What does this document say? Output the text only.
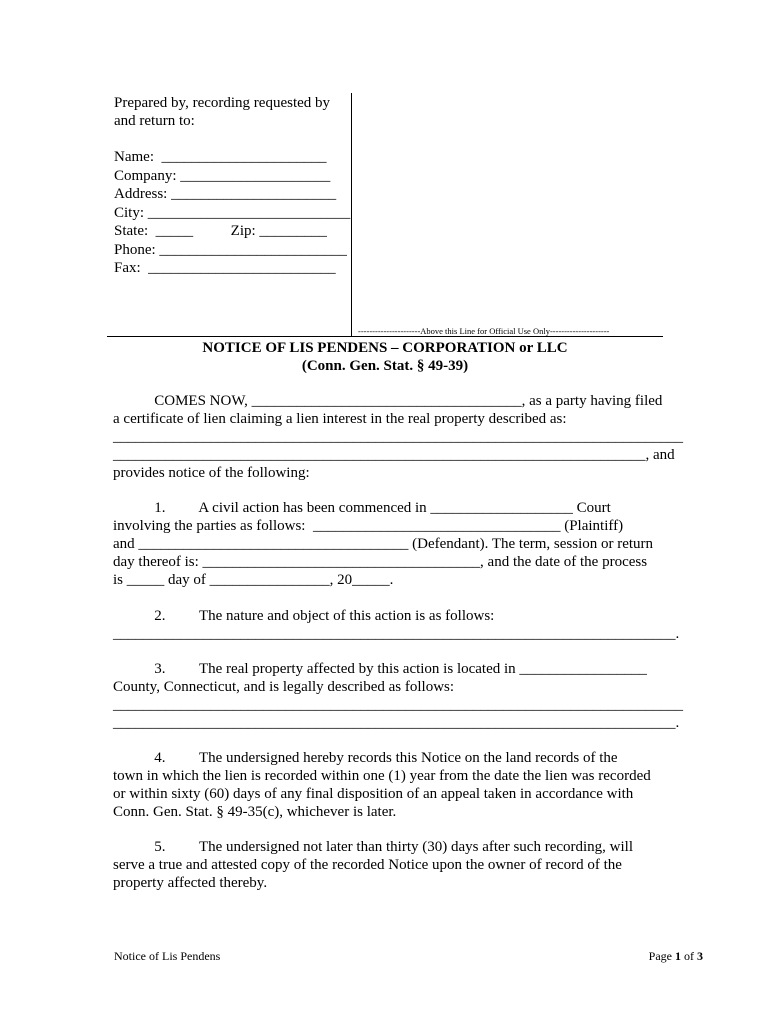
Prepared by, recording requested by
and return to:
Name:  ______________________
Company: ____________________
Address: ______________________
City: ___________________________
State:  _____          Zip: _________
Phone: _________________________
Fax:  _________________________
----------------------Above this Line for Official Use Only---------------------
NOTICE OF LIS PENDENS – CORPORATION or LLC
(Conn. Gen. Stat. § 49-39)
COMES NOW, ____________________________________, as a party having filed
a certificate of lien claiming a lien interest in the real property described as:
____________________________________________________________________________
_______________________________________________________________________, and
provides notice of the following:
1.         A civil action has been commenced in ___________________ Court
involving the parties as follows:  _________________________________ (Plaintiff)
and ____________________________________ (Defendant). The term, session or return
day thereof is: _____________________________________, and the date of the process
is _____ day of ________________, 20_____.
2.         The nature and object of this action is as follows:
___________________________________________________________________________.
3.         The real property affected by this action is located in _________________
County, Connecticut, and is legally described as follows:
____________________________________________________________________________
___________________________________________________________________________.
4.         The undersigned hereby records this Notice on the land records of the
town in which the lien is recorded within one (1) year from the date the lien was recorded
or within sixty (60) days of any final disposition of an appeal taken in accordance with
Conn. Gen. Stat. § 49-35(c), whichever is later.
5.         The undersigned not later than thirty (30) days after such recording, will
serve a true and attested copy of the recorded Notice upon the owner of record of the
property affected thereby.
Notice of Lis Pendens	Page 1 of 3
